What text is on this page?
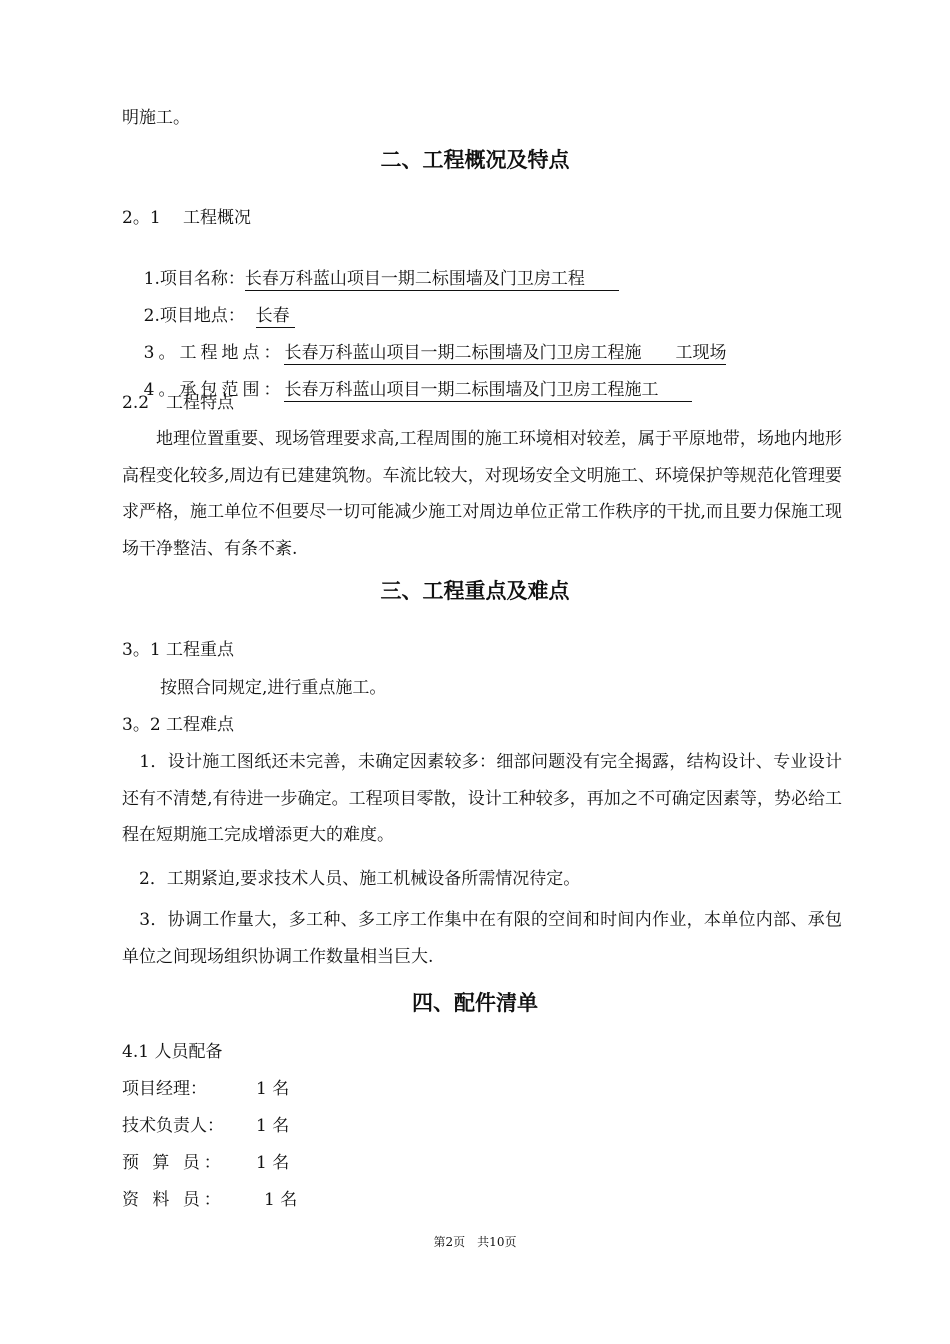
明施工。
二、工程概况及特点
2。1　 工程概况

1.项目名称：长春万科蓝山项目一期二标围墙及门卫房工程　　

2.项目地点： 长春

3。工程地点：长春万科蓝山项目一期二标围墙及门卫房工程施　　工现场

4。承包范围：长春万科蓝山项目一期二标围墙及门卫房工程施工　　

2.2　工程特点
　　地理位置重要、现场管理要求高,工程周围的施工环境相对较差，属于平原地带，场地内地形高程变化较多,周边有已建建筑物。车流比较大，对现场安全文明施工、环境保护等规范化管理要求严格，施工单位不但要尽一切可能减少施工对周边单位正常工作秩序的干扰,而且要力保施工现场干净整洁、有条不紊.
三、工程重点及难点
3。1 工程重点
按照合同规定,进行重点施工。
3。2 工程难点
　1．设计施工图纸还未完善，未确定因素较多：细部问题没有完全揭露，结构设计、专业设计还有不清楚,有待进一步确定。工程项目零散，设计工种较多，再加之不可确定因素等，势必给工程在短期施工完成增添更大的难度。
　2．工期紧迫,要求技术人员、施工机械设备所需情况待定。
　3．协调工作量大，多工种、多工序工作集中在有限的空间和时间内作业，本单位内部、承包单位之间现场组织协调工作数量相当巨大.
四、配件清单
4.1 人员配备
项目经理：	1 名
技术负责人： 1 名
预 算 员： 1 名
资 料 员： 1 名
第2页　共10页
